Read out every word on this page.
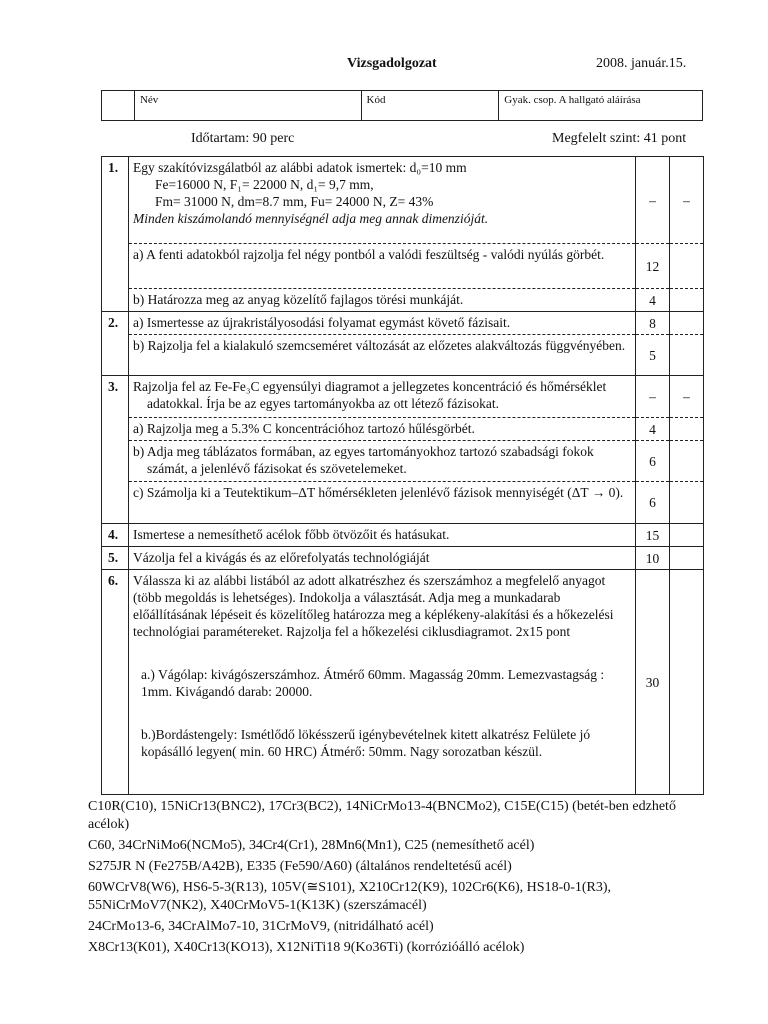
Vizsgadolgozat	2008. január.15.
	Név	Kód	Gyak. csop. A hallgató aláírása
Időtartam: 90 perc	Megfelelt szint: 41 pont
1.	Egy szakítóvizsgálatból az alábbi adatok ismertek: d₀=10 mm
Fe=16000 N, F₁= 22000 N, d₁= 9,7 mm,
Fm= 31000 N, dm=8.7 mm, Fu= 24000 N, Z= 43%
Minden kiszámolandó mennyiségnél adja meg annak dimenzióját.	–	–

	a) A fenti adatokból rajzolja fel négy pontból a valódi feszültség - valódi nyúlás görbét.	12	

	b) Határozza meg az anyag közelítő fajlagos törési munkáját.	4	
2.	a) Ismertesse az újrakristályosodási folyamat egymást követő fázisait.	8	

	b) Rajzolja fel a kialakuló szemcseméret változását az előzetes alakváltozás függvényében.	5	
3.	Rajzolja fel az Fe-Fe₃C egyensúlyi diagramot a jellegzetes koncentráció és hőmérséklet adatokkal. Írja be az egyes tartományokba az ott létező fázisokat.	–	–

	a) Rajzolja meg a 5.3% C koncentrációhoz tartozó hűlésgörbét.	4	

	b) Adja meg táblázatos formában, az egyes tartományokhoz tartozó szabadsági fokok számát, a jelenlévő fázisokat és szövetelemeket.	6	

	c) Számolja ki a Teutektikum–ΔT hőmérsékleten jelenlévő fázisok mennyiségét (ΔT → 0).	6	
4.	Ismertese a nemesíthető acélok főbb ötvözőit és hatásukat.	15	
5.	Vázolja fel a kivágás és az előrefolyatás technológiáját	10	
6.	Válassza ki az alábbi listából az adott alkatrészhez és szerszámhoz a megfelelő anyagot (több megoldás is lehetséges). Indokolja a választását. Adja meg a munkadarab előállításának lépéseit és közelítőleg határozza meg a képlékeny-alakítási és a hőkezelési technológiai paramétereket. Rajzolja fel a hőkezelési ciklusdiagramot. 2x15 pont
a.) Vágólap: kivágószerszámhoz. Átmérő 60mm. Magasság 20mm. Lemezvastagság : 1mm. Kivágandó darab: 20000.
b.)Bordástengely: Ismétlődő lökésszerű igénybevételnek kitett alkatrész Felülete jó kopásálló legyen( min. 60 HRC) Átmérő: 50mm. Nagy sorozatban készül.	30	

C10R(C10), 15NiCr13(BNC2), 17Cr3(BC2), 14NiCrMo13-4(BNCMo2), C15E(C15) (betét-ben edzhető acélok)

C60, 34CrNiMo6(NCMo5), 34Cr4(Cr1), 28Mn6(Mn1), C25 (nemesíthető acél)

S275JR N (Fe275B/A42B), E335 (Fe590/A60) (általános rendeltetésű acél)

60WCrV8(W6), HS6-5-3(R13), 105V(≅S101), X210Cr12(K9), 102Cr6(K6), HS18-0-1(R3), 55NiCrMoV7(NK2), X40CrMoV5-1(K13K) (szerszámacél)

24CrMo13-6, 34CrAlMo7-10, 31CrMoV9, (nitridálható acél)

X8Cr13(K01), X40Cr13(KO13), X12NiTi18 9(Ko36Ti) (korrózióálló acélok)
